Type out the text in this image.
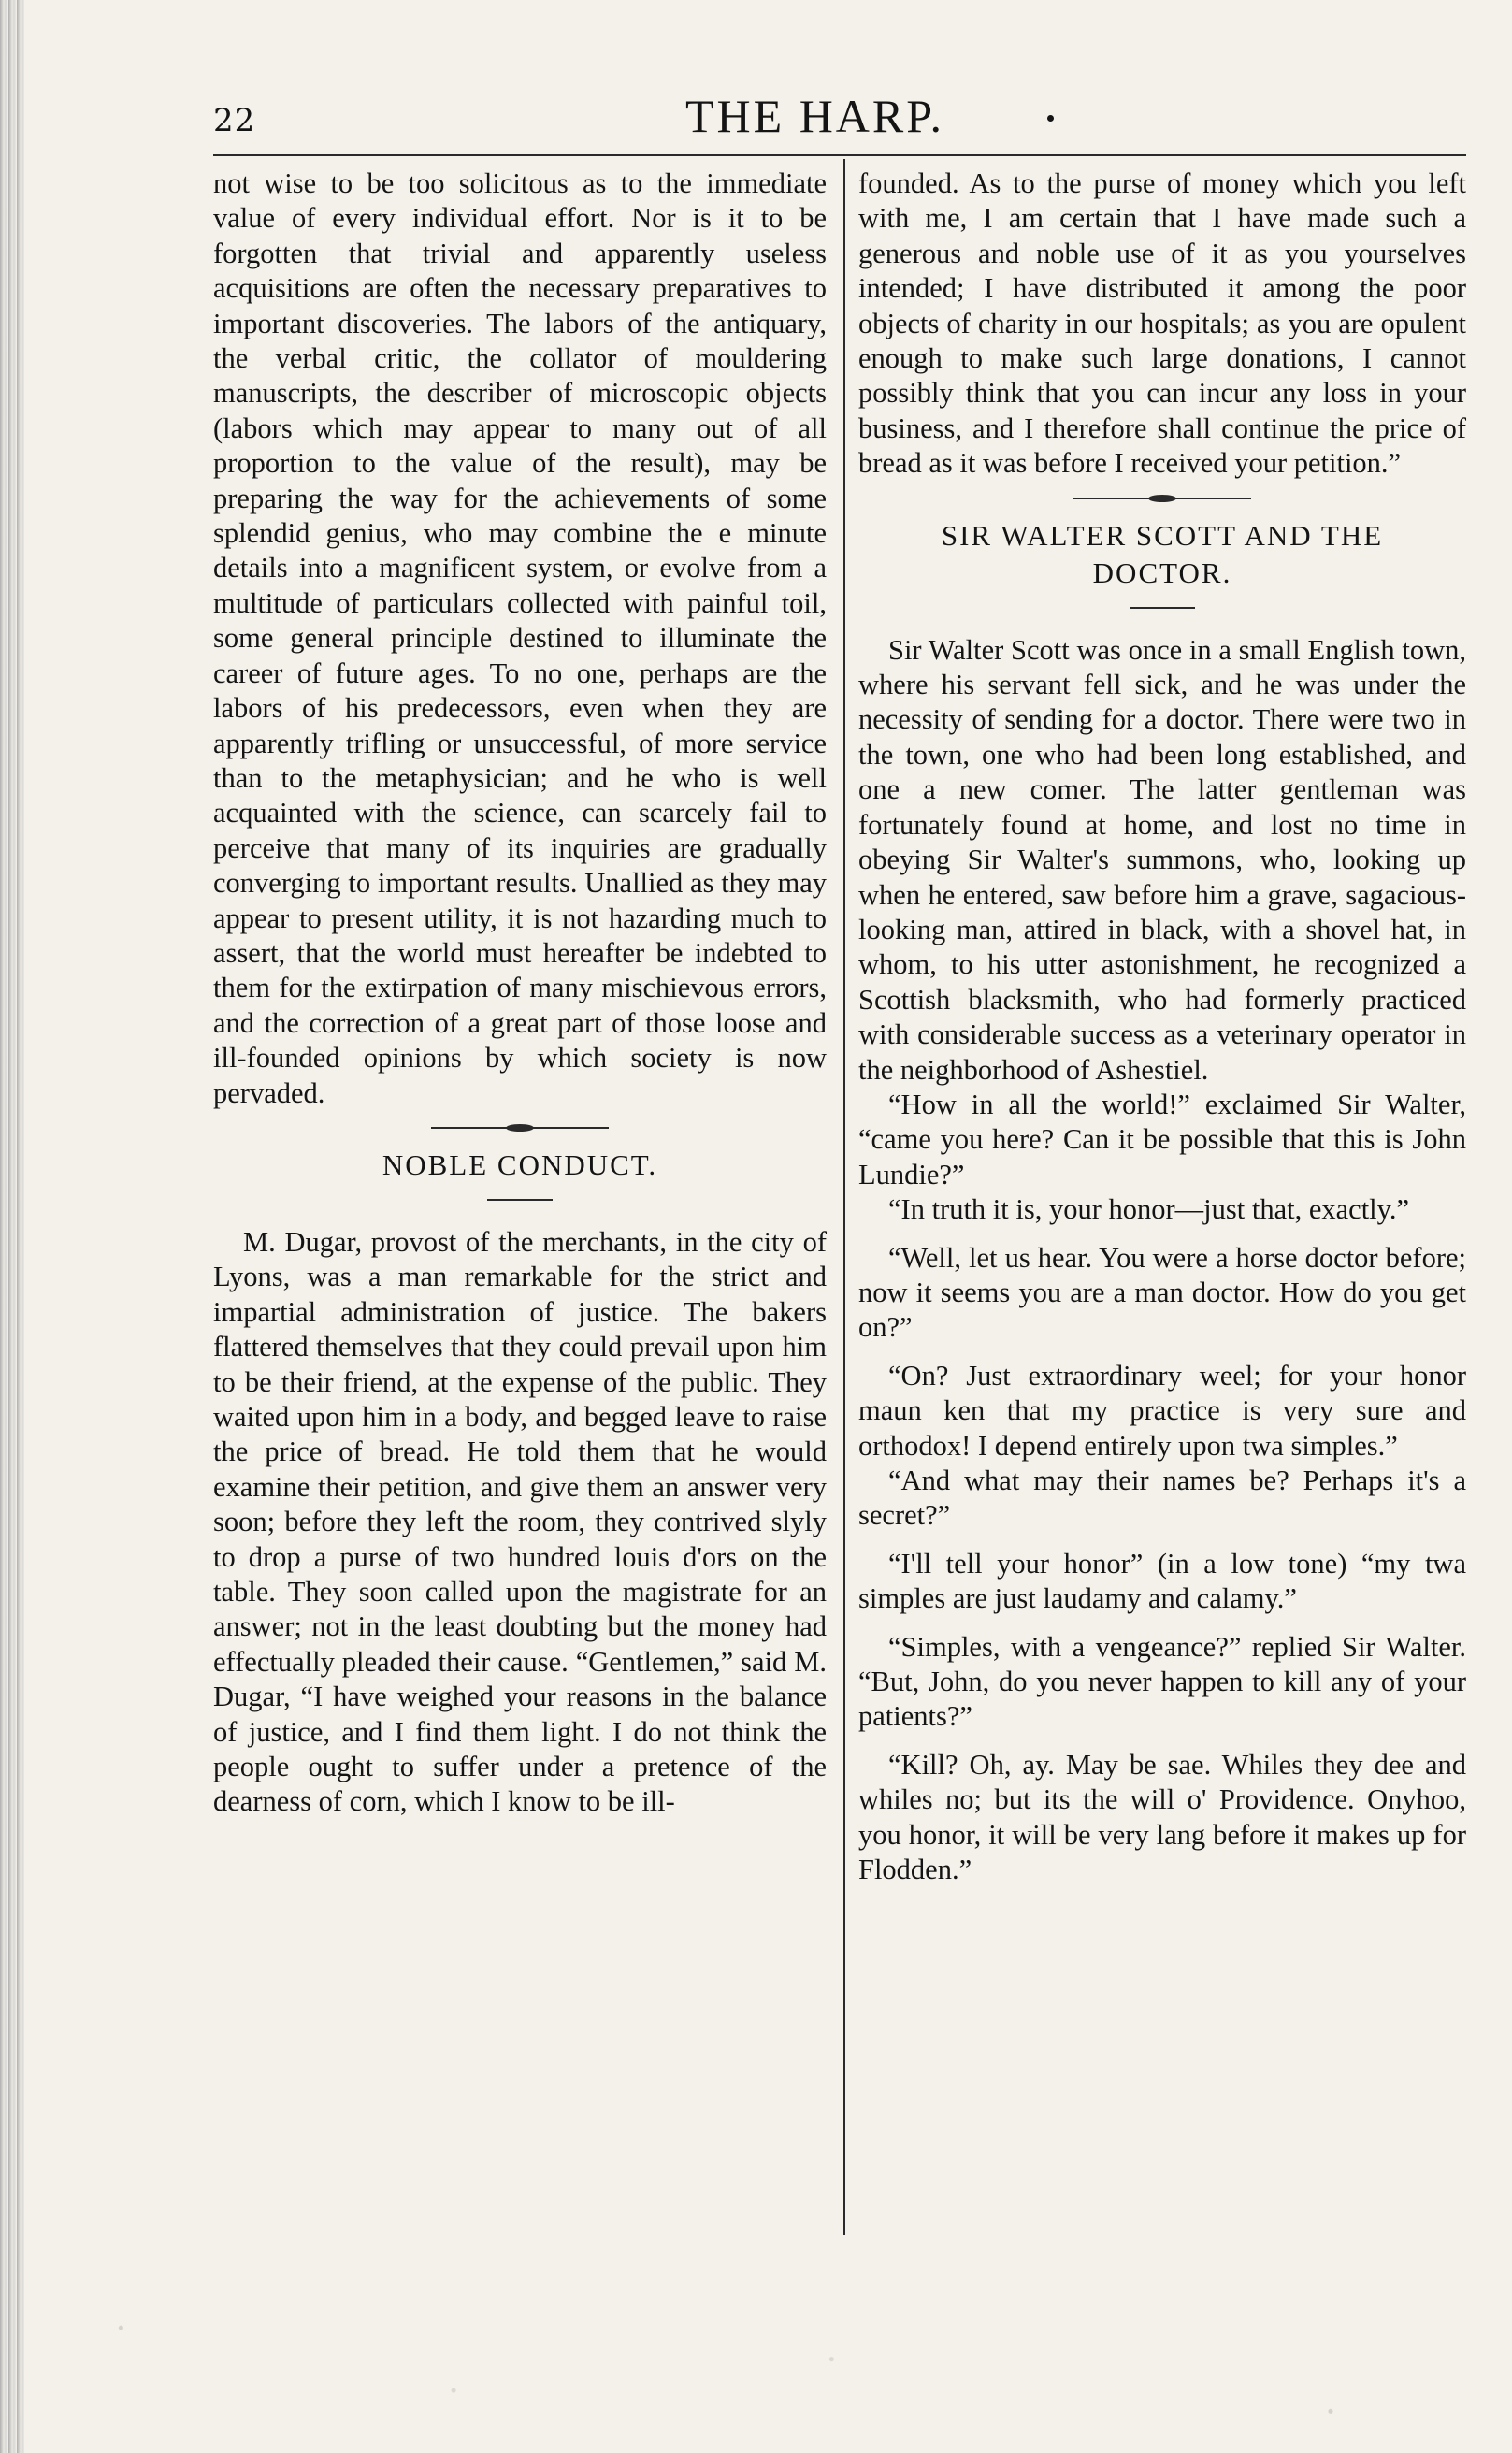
22	THE HARP.

not wise to be too solicitous as to the immediate value of every individual effort. Nor is it to be forgotten that trivial and apparently useless acquisitions are often the necessary preparatives to important discoveries. The labors of the antiquary, the verbal critic, the collator of mouldering manuscripts, the describer of microscopic objects (labors which may appear to many out of all proportion to the value of the result), may be preparing the way for the achievements of some splendid genius, who may combine the e minute details into a magnificent system, or evolve from a multitude of particulars collected with painful toil, some general principle destined to illuminate the career of future ages. To no one, perhaps are the labors of his predecessors, even when they are apparently trifling or unsuccessful, of more service than to the metaphysician; and he who is well acquainted with the science, can scarcely fail to perceive that many of its inquiries are gradually converging to important results. Unallied as they may appear to present utility, it is not hazarding much to assert, that the world must hereafter be indebted to them for the extirpation of many mischievous errors, and the correction of a great part of those loose and ill-founded opinions by which society is now pervaded.

NOBLE CONDUCT.

M. Dugar, provost of the merchants, in the city of Lyons, was a man remarkable for the strict and impartial administration of justice. The bakers flattered themselves that they could prevail upon him to be their friend, at the expense of the public. They waited upon him in a body, and begged leave to raise the price of bread. He told them that he would examine their petition, and give them an answer very soon; before they left the room, they contrived slyly to drop a purse of two hundred louis d'ors on the table. They soon called upon the magistrate for an answer; not in the least doubting but the money had effectually pleaded their cause. “Gentlemen,” said M. Dugar, “I have weighed your reasons in the balance of justice, and I find them light. I do not think the people ought to suffer under a pretence of the dearness of corn, which I know to be ill-

founded. As to the purse of money which you left with me, I am certain that I have made such a generous and noble use of it as you yourselves intended; I have distributed it among the poor objects of charity in our hospitals; as you are opulent enough to make such large donations, I cannot possibly think that you can incur any loss in your business, and I therefore shall continue the price of bread as it was before I received your petition.”

SIR WALTER SCOTT AND THE

DOCTOR.

Sir Walter Scott was once in a small English town, where his servant fell sick, and he was under the necessity of sending for a doctor. There were two in the town, one who had been long established, and one a new comer. The latter gentleman was fortunately found at home, and lost no time in obeying Sir Walter's summons, who, looking up when he entered, saw before him a grave, sagacious-looking man, attired in black, with a shovel hat, in whom, to his utter astonishment, he recognized a Scottish blacksmith, who had formerly practiced with considerable success as a veterinary operator in the neighborhood of Ashestiel.

“How in all the world!” exclaimed Sir Walter, “came you here? Can it be possible that this is John Lundie?”

“In truth it is, your honor—just that, exactly.”

“Well, let us hear. You were a horse doctor before; now it seems you are a man doctor. How do you get on?”

“On? Just extraordinary weel; for your honor maun ken that my practice is very sure and orthodox! I depend entirely upon twa simples.”

“And what may their names be? Perhaps it's a secret?”

“I'll tell your honor” (in a low tone) “my twa simples are just laudamy and calamy.”

“Simples, with a vengeance?” replied Sir Walter. “But, John, do you never happen to kill any of your patients?”

“Kill? Oh, ay. May be sae. Whiles they dee and whiles no; but its the will o' Providence. Onyhoo, you honor, it will be very lang before it makes up for Flodden.”
